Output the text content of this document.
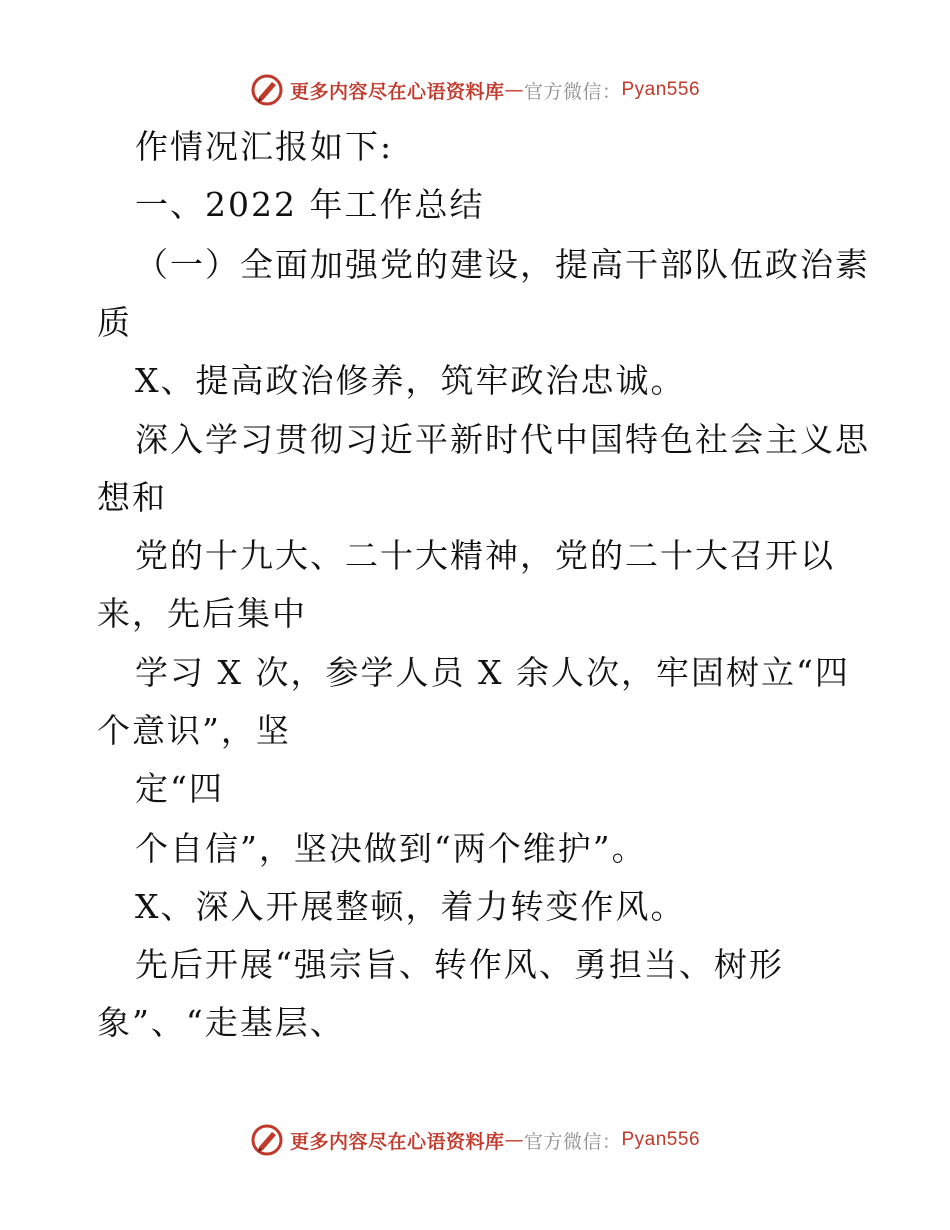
更多内容尽在心语资料库 — 官方微信： Pyan556
作情况汇报如下:
一、2022 年工作总结
（一）全面加强党的建设，提高干部队伍政治素
质
X、提高政治修养，筑牢政治忠诚。
深入学习贯彻习近平新时代中国特色社会主义思
想和
党的十九大、二十大精神，党的二十大召开以
来，先后集中
学习 X 次，参学人员 X 余人次，牢固树立“四
个意识”，坚
定“四
个自信”，坚决做到“两个维护”。
X、深入开展整顿，着力转变作风。
先后开展“强宗旨、转作风、勇担当、树形
象”、“走基层、
更多内容尽在心语资料库 — 官方微信： Pyan556
